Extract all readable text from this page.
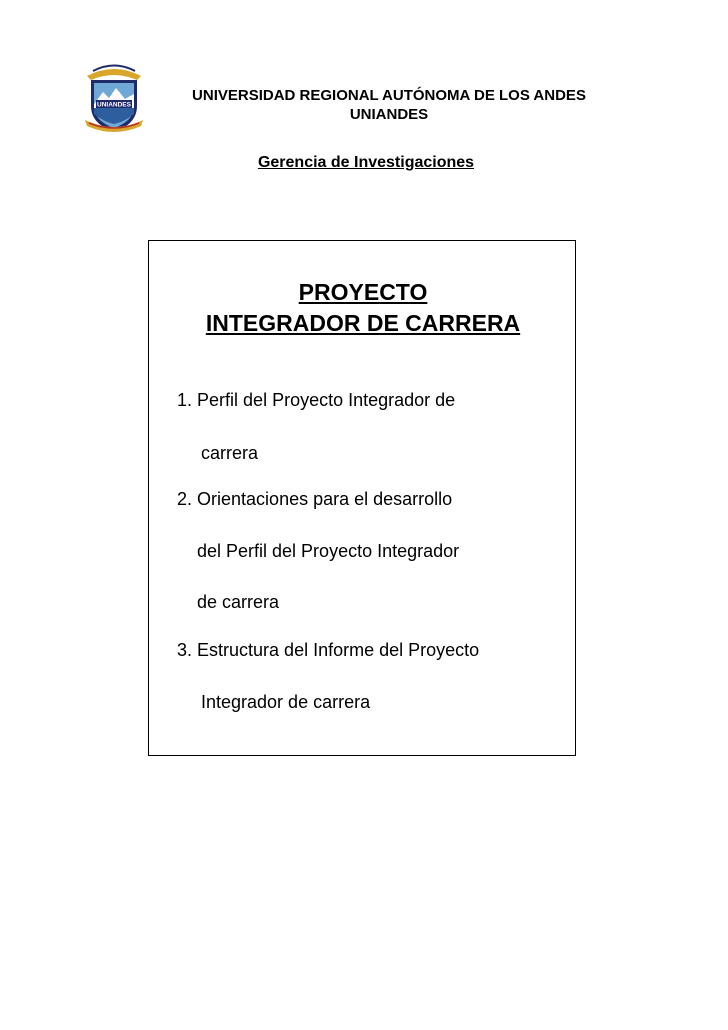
UNIANDES
UNIVERSIDAD REGIONAL AUTÓNOMA DE LOS ANDES
UNIANDES
Gerencia de Investigaciones
PROYECTO
INTEGRADOR DE CARRERA
1. Perfil del Proyecto Integrador de
carrera
2. Orientaciones para el desarrollo
del Perfil del Proyecto Integrador
de carrera
3. Estructura del Informe del Proyecto
Integrador de carrera
